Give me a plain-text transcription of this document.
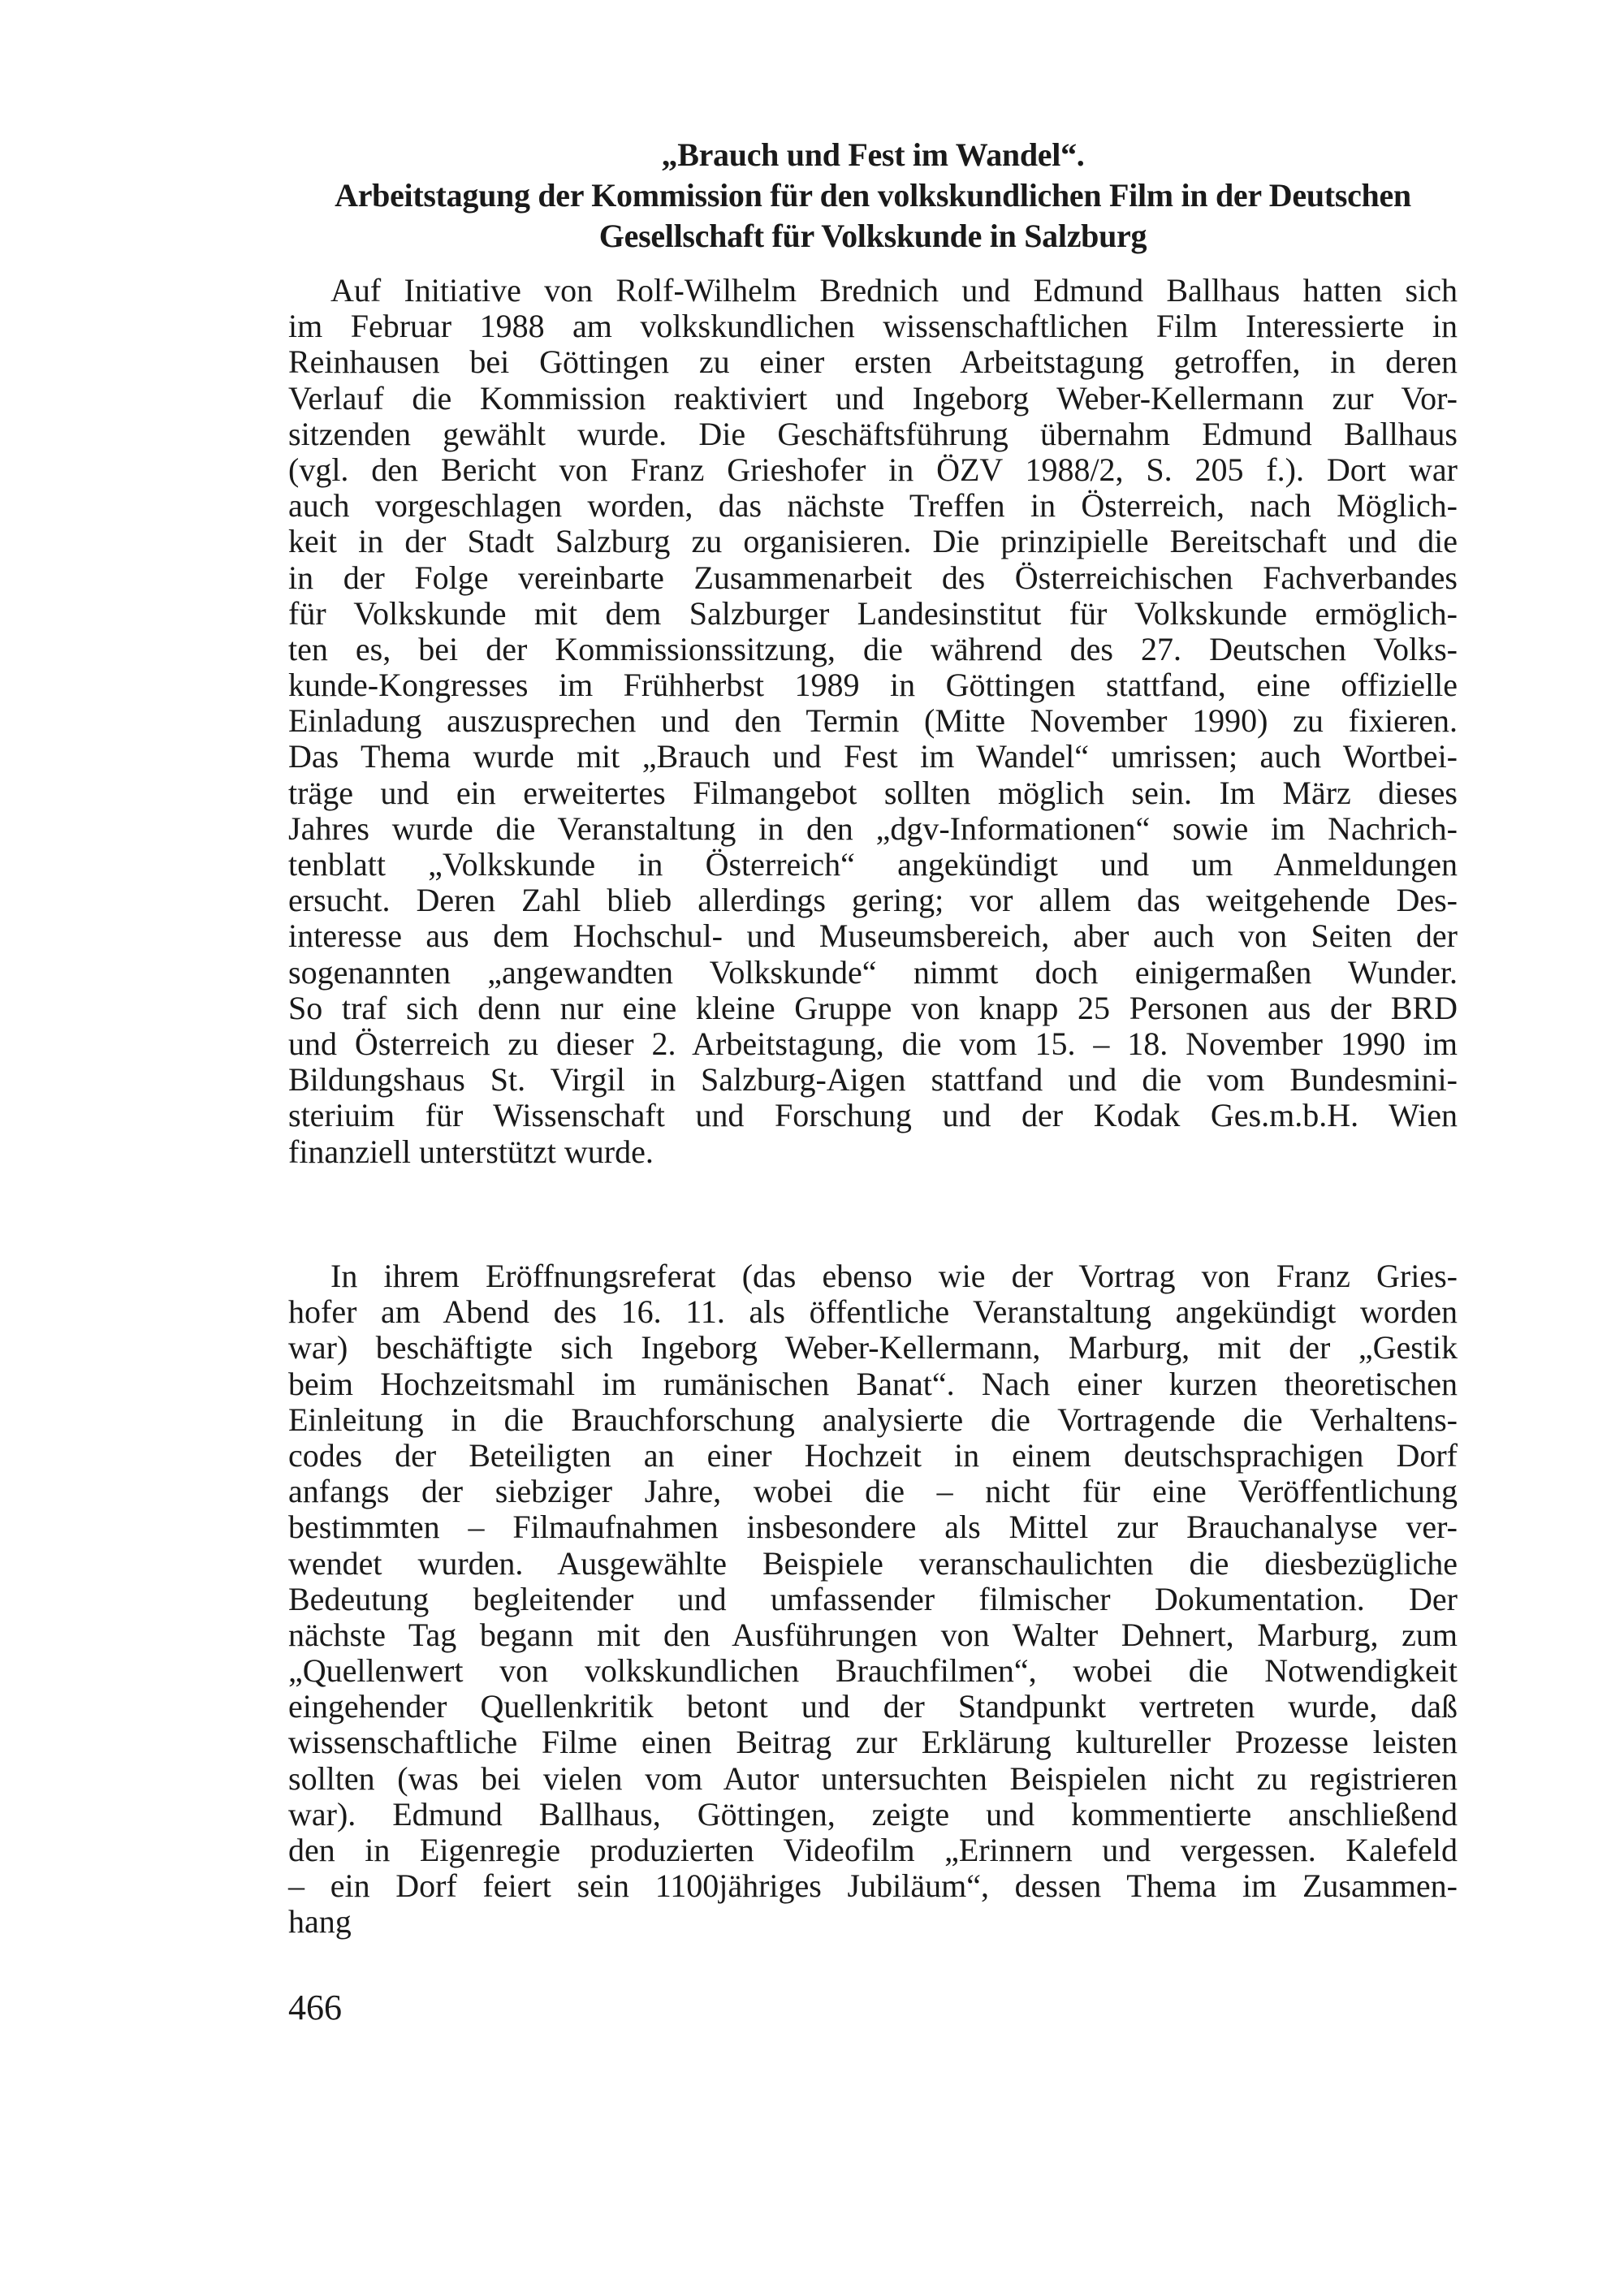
„Brauch und Fest im Wandel“.
Arbeitstagung der Kommission für den volkskundlichen Film in der Deutschen
Gesellschaft für Volkskunde in Salzburg
Auf Initiative von Rolf-Wilhelm Brednich und Edmund Ballhaus hatten sich
im Februar 1988 am volkskundlichen wissenschaftlichen Film Interessierte in
Reinhausen bei Göttingen zu einer ersten Arbeitstagung getroffen, in deren
Verlauf die Kommission reaktiviert und Ingeborg Weber-Kellermann zur Vor-
sitzenden gewählt wurde. Die Geschäftsführung übernahm Edmund Ballhaus
(vgl. den Bericht von Franz Grieshofer in ÖZV 1988/2, S. 205 f.). Dort war
auch vorgeschlagen worden, das nächste Treffen in Österreich, nach Möglich-
keit in der Stadt Salzburg zu organisieren. Die prinzipielle Bereitschaft und die
in der Folge vereinbarte Zusammenarbeit des Österreichischen Fachverbandes
für Volkskunde mit dem Salzburger Landesinstitut für Volkskunde ermöglich-
ten es, bei der Kommissionssitzung, die während des 27. Deutschen Volks-
kunde-Kongresses im Frühherbst 1989 in Göttingen stattfand, eine offizielle
Einladung auszusprechen und den Termin (Mitte November 1990) zu fixieren.
Das Thema wurde mit „Brauch und Fest im Wandel“ umrissen; auch Wortbei-
träge und ein erweitertes Filmangebot sollten möglich sein. Im März dieses
Jahres wurde die Veranstaltung in den „dgv-Informationen“ sowie im Nachrich-
tenblatt „Volkskunde in Österreich“ angekündigt und um Anmeldungen
ersucht. Deren Zahl blieb allerdings gering; vor allem das weitgehende Des-
interesse aus dem Hochschul- und Museumsbereich, aber auch von Seiten der
sogenannten „angewandten Volkskunde“ nimmt doch einigermaßen Wunder.
So traf sich denn nur eine kleine Gruppe von knapp 25 Personen aus der BRD
und Österreich zu dieser 2. Arbeitstagung, die vom 15. – 18. November 1990 im
Bildungshaus St. Virgil in Salzburg-Aigen stattfand und die vom Bundesmini-
steriuim für Wissenschaft und Forschung und der Kodak Ges.m.b.H. Wien
finanziell unterstützt wurde.
In ihrem Eröffnungsreferat (das ebenso wie der Vortrag von Franz Gries-
hofer am Abend des 16. 11. als öffentliche Veranstaltung angekündigt worden
war) beschäftigte sich Ingeborg Weber-Kellermann, Marburg, mit der „Gestik
beim Hochzeitsmahl im rumänischen Banat“. Nach einer kurzen theoretischen
Einleitung in die Brauchforschung analysierte die Vortragende die Verhaltens-
codes der Beteiligten an einer Hochzeit in einem deutschsprachigen Dorf
anfangs der siebziger Jahre, wobei die – nicht für eine Veröffentlichung
bestimmten – Filmaufnahmen insbesondere als Mittel zur Brauchanalyse ver-
wendet wurden. Ausgewählte Beispiele veranschaulichten die diesbezügliche
Bedeutung begleitender und umfassender filmischer Dokumentation. Der
nächste Tag begann mit den Ausführungen von Walter Dehnert, Marburg, zum
„Quellenwert von volkskundlichen Brauchfilmen“, wobei die Notwendigkeit
eingehender Quellenkritik betont und der Standpunkt vertreten wurde, daß
wissenschaftliche Filme einen Beitrag zur Erklärung kultureller Prozesse leisten
sollten (was bei vielen vom Autor untersuchten Beispielen nicht zu registrieren
war). Edmund Ballhaus, Göttingen, zeigte und kommentierte anschließend
den in Eigenregie produzierten Videofilm „Erinnern und vergessen. Kalefeld
– ein Dorf feiert sein 1100jähriges Jubiläum“, dessen Thema im Zusammen-
hang
466
